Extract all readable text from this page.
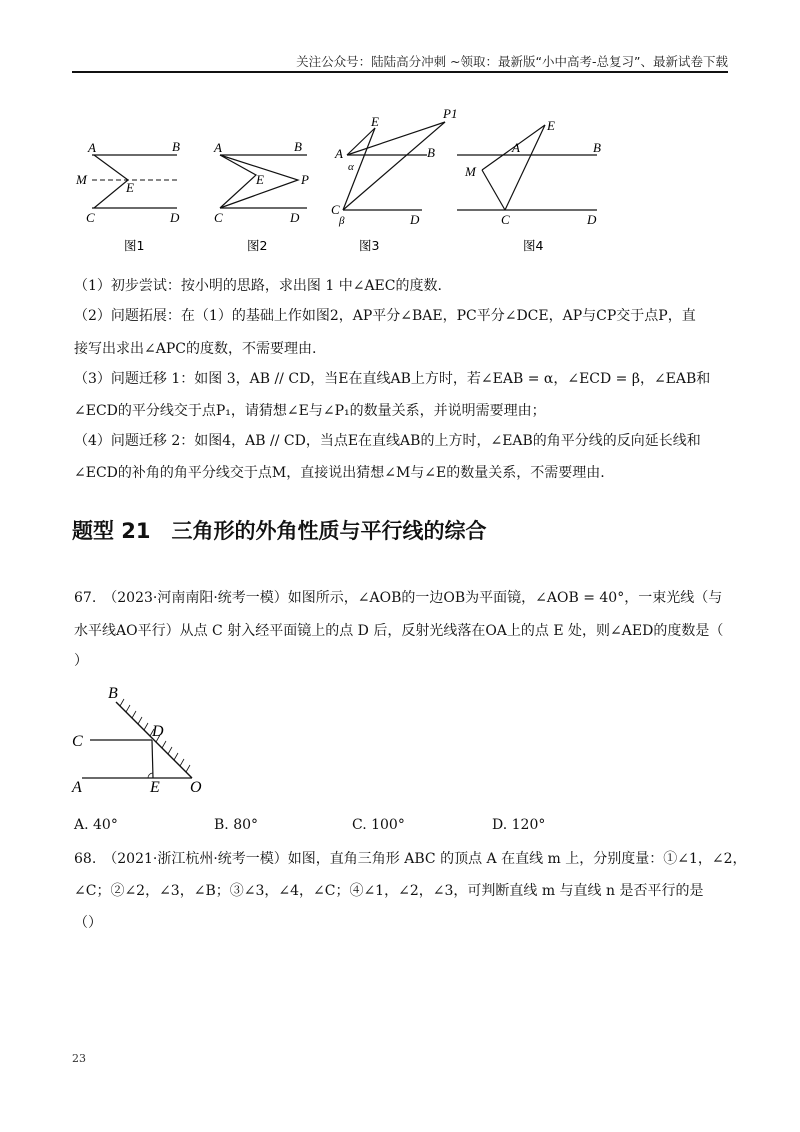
关注公众号：陆陆高分冲刺 ~领取：最新版“小中高考-总复习”、最新试卷下载
A	B
M
E
C	D
图1
A	B
E	P
C	D
图2
E
P1
A
α
B
C
β	D
图3
E
A	B
M
C	D
图4
（1）初步尝试：按小明的思路，求出图 1 中∠AEC的度数.
（2）问题拓展：在（1）的基础上作如图2，AP平分∠BAE，PC平分∠DCE，AP与CP交于点P，直
接写出求出∠APC的度数，不需要理由.
（3）问题迁移 1：如图 3，AB // CD，当E在直线AB上方时，若∠EAB = α，∠ECD = β，∠EAB和
∠ECD的平分线交于点P₁，请猜想∠E与∠P₁的数量关系，并说明需要理由；
（4）问题迁移 2：如图4，AB // CD，当点E在直线AB的上方时，∠EAB的角平分线的反向延长线和
∠ECD的补角的角平分线交于点M，直接说出猜想∠M与∠E的数量关系，不需要理由.
题型 21　三角形的外角性质与平行线的综合
67.　（2023·河南南阳·统考一模）如图所示，∠AOB的一边OB为平面镜，∠AOB = 40°，一束光线（与
水平线AO平行）从点 C 射入经平面镜上的点 D 后，反射光线落在OA上的点 E 处，则∠AED的度数是（
）
B
C
D
A	E O
A. 40°	B. 80°	C. 100°	D. 120°
68.　（2021·浙江杭州·统考一模）如图，直角三角形 ABC 的顶点 A 在直线 m 上，分别度量：①∠1，∠2，
∠C；②∠2，∠3，∠B；③∠3，∠4，∠C；④∠1，∠2，∠3，可判断直线 m 与直线 n 是否平行的是
（）
23
